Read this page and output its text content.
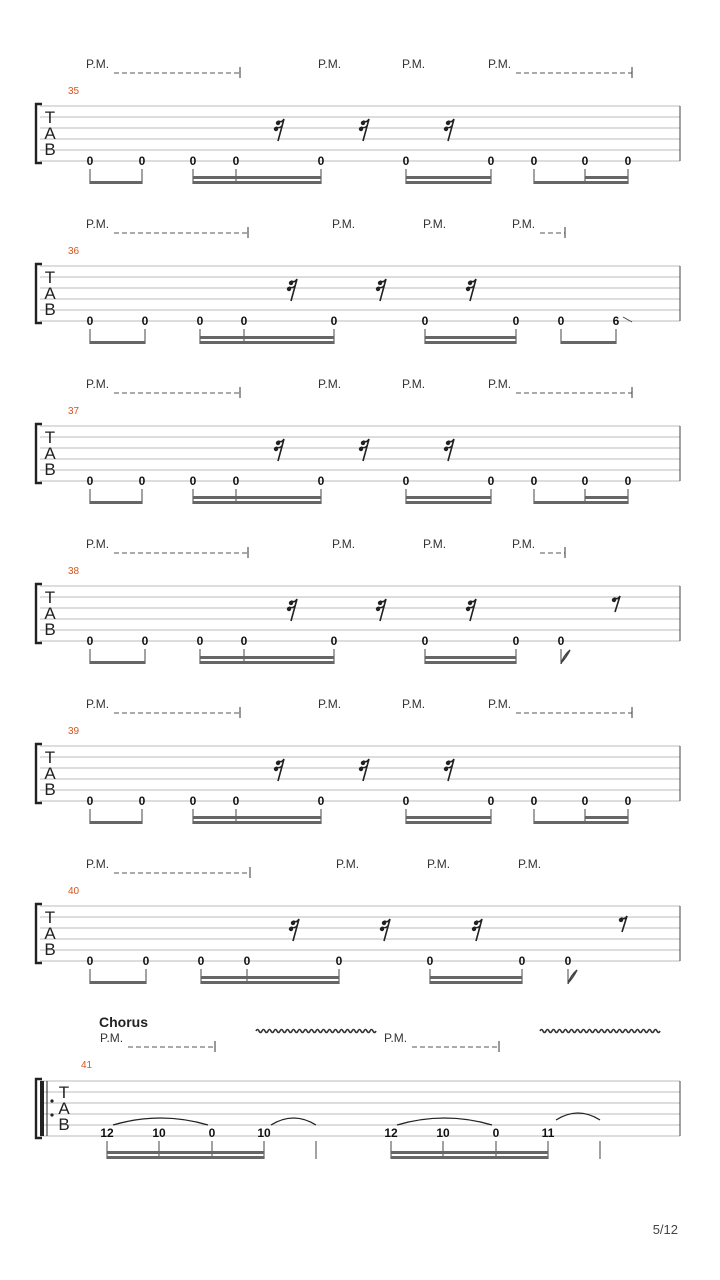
P.M.	P.M.	P.M.	P.M.
35
T
A
B
0	0	0	0	0	0	0	0	0	0
P.M.	P.M.	P.M.	P.M.
36
T
A
B
0	0	0	0	0	0	0	0	6
P.M.	P.M.	P.M.	P.M.
37
T
A
B
0	0	0	0	0	0	0	0	0	0
P.M.	P.M.	P.M.	P.M.
38
T
A
B
0	0	0	0	0	0	0	0
P.M.	P.M.	P.M.	P.M.
39
T
A
B
0	0	0	0	0	0	0	0	0	0
P.M.	P.M.	P.M.	P.M.
40
T
A
B
0	0	0	0	0	0	0	0
Chorus
P.M.	P.M.
41
T
A
B	12	10	0	10	12	10	0	11
5/12
